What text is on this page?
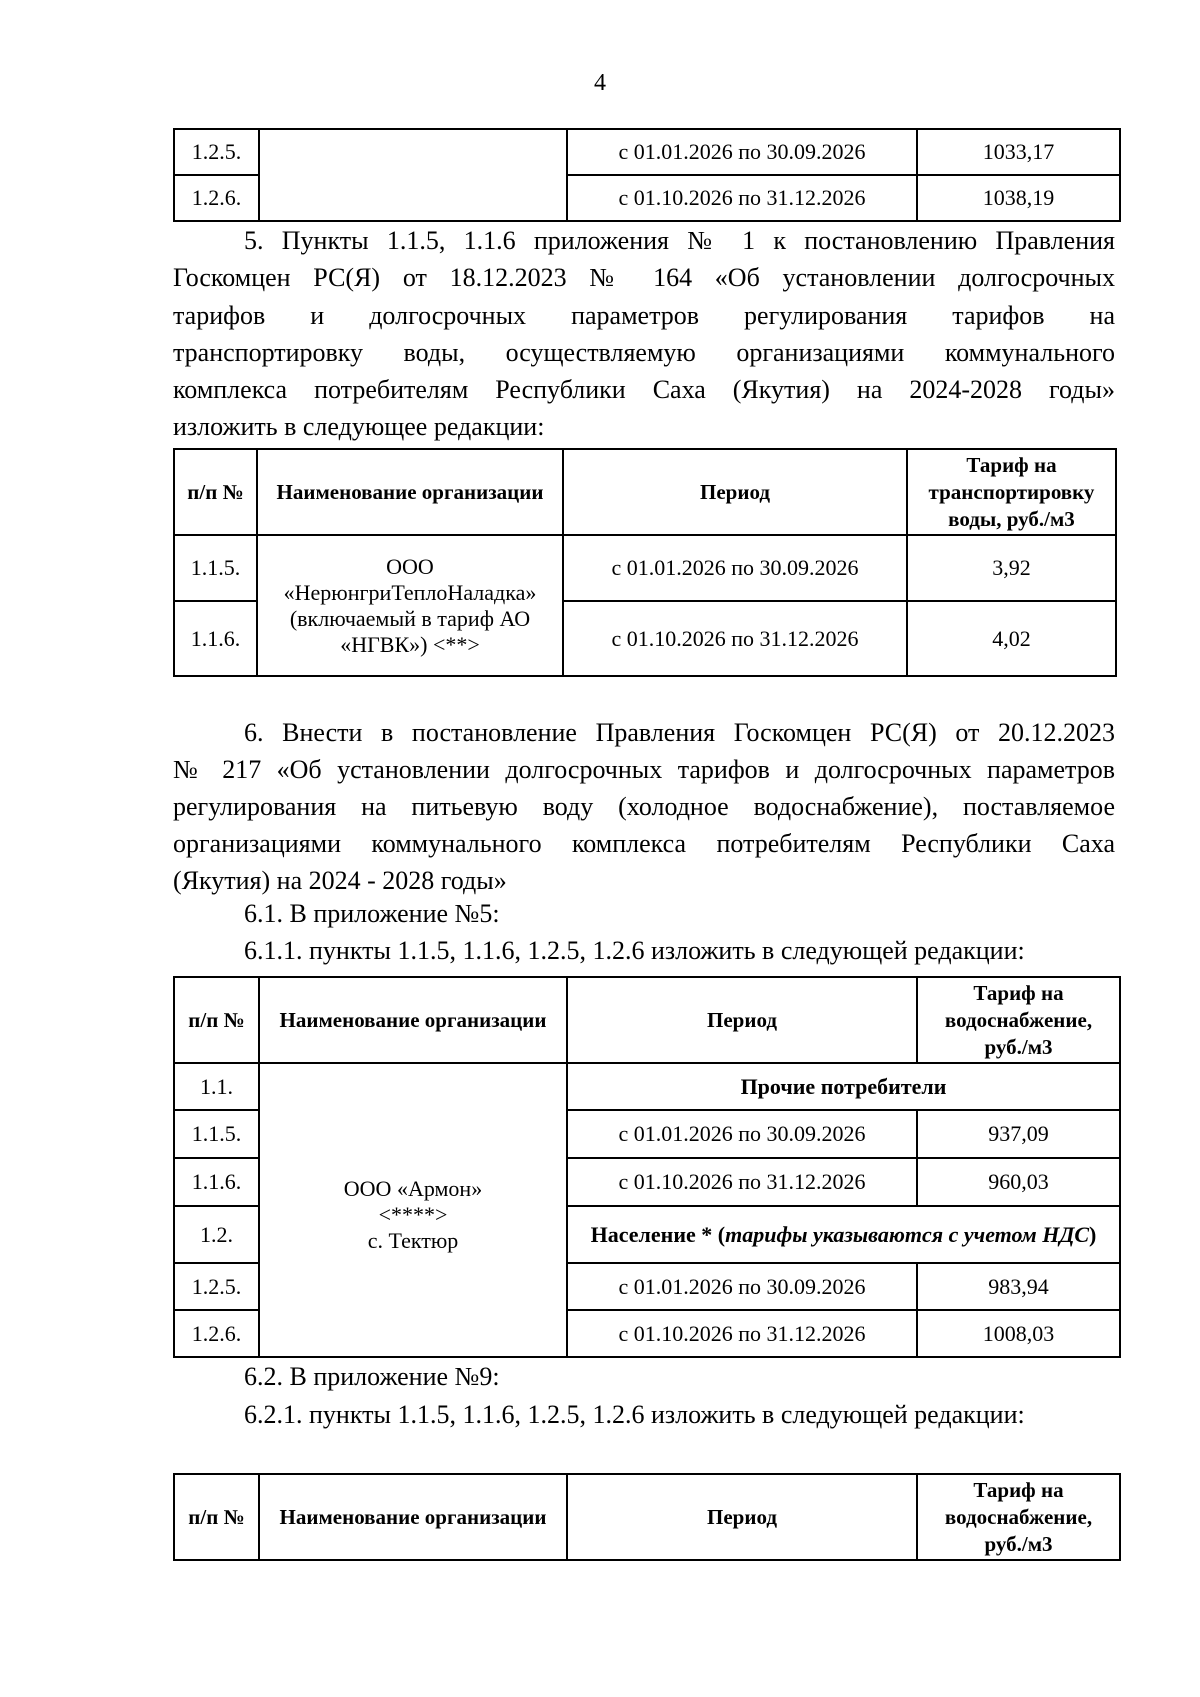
4
1.2.5.		с 01.01.2026 по 30.09.2026	1033,17
1.2.6.		с 01.10.2026 по 31.12.2026	1038,19
5. Пункты 1.1.5, 1.1.6 приложения № 1 к постановлению Правления
Госкомцен РС(Я) от 18.12.2023 № 164 «Об установлении долгосрочных
тарифов и долгосрочных параметров регулирования тарифов на
транспортировку воды, осуществляемую организациями коммунального
комплекса потребителям Республики Саха (Якутия) на 2024-2028 годы»
изложить в следующее редакции:
п/п №	Наименование организации	Период	Тариф на транспортировку воды, руб./м3
1.1.5.	ООО «НерюнгриТеплоНаладка» (включаемый в тариф АО «НГВК») <**>	с 01.01.2026 по 30.09.2026	3,92
1.1.6.		с 01.10.2026 по 31.12.2026	4,02
6. Внести в постановление Правления Госкомцен РС(Я) от 20.12.2023
№ 217 «Об установлении долгосрочных тарифов и долгосрочных параметров
регулирования на питьевую воду (холодное водоснабжение), поставляемое
организациями коммунального комплекса потребителям Республики Саха
(Якутия) на 2024 - 2028 годы»
6.1. В приложение №5:
6.1.1. пункты 1.1.5, 1.1.6, 1.2.5, 1.2.6 изложить в следующей редакции:
п/п №	Наименование организации	Период	Тариф на водоснабжение, руб./м3
1.1.	ООО «Армон»
<****>
с. Тектюр	Прочие потребители	
1.1.5.		с 01.01.2026 по 30.09.2026	937,09
1.1.6.		с 01.10.2026 по 31.12.2026	960,03
1.2.		Население * (тарифы указываются с учетом НДС)	
1.2.5.		с 01.01.2026 по 30.09.2026	983,94
1.2.6.		с 01.10.2026 по 31.12.2026	1008,03
6.2. В приложение №9:
6.2.1. пункты 1.1.5, 1.1.6, 1.2.5, 1.2.6 изложить в следующей редакции:
п/п №	Наименование организации	Период	Тариф на водоснабжение, руб./м3
